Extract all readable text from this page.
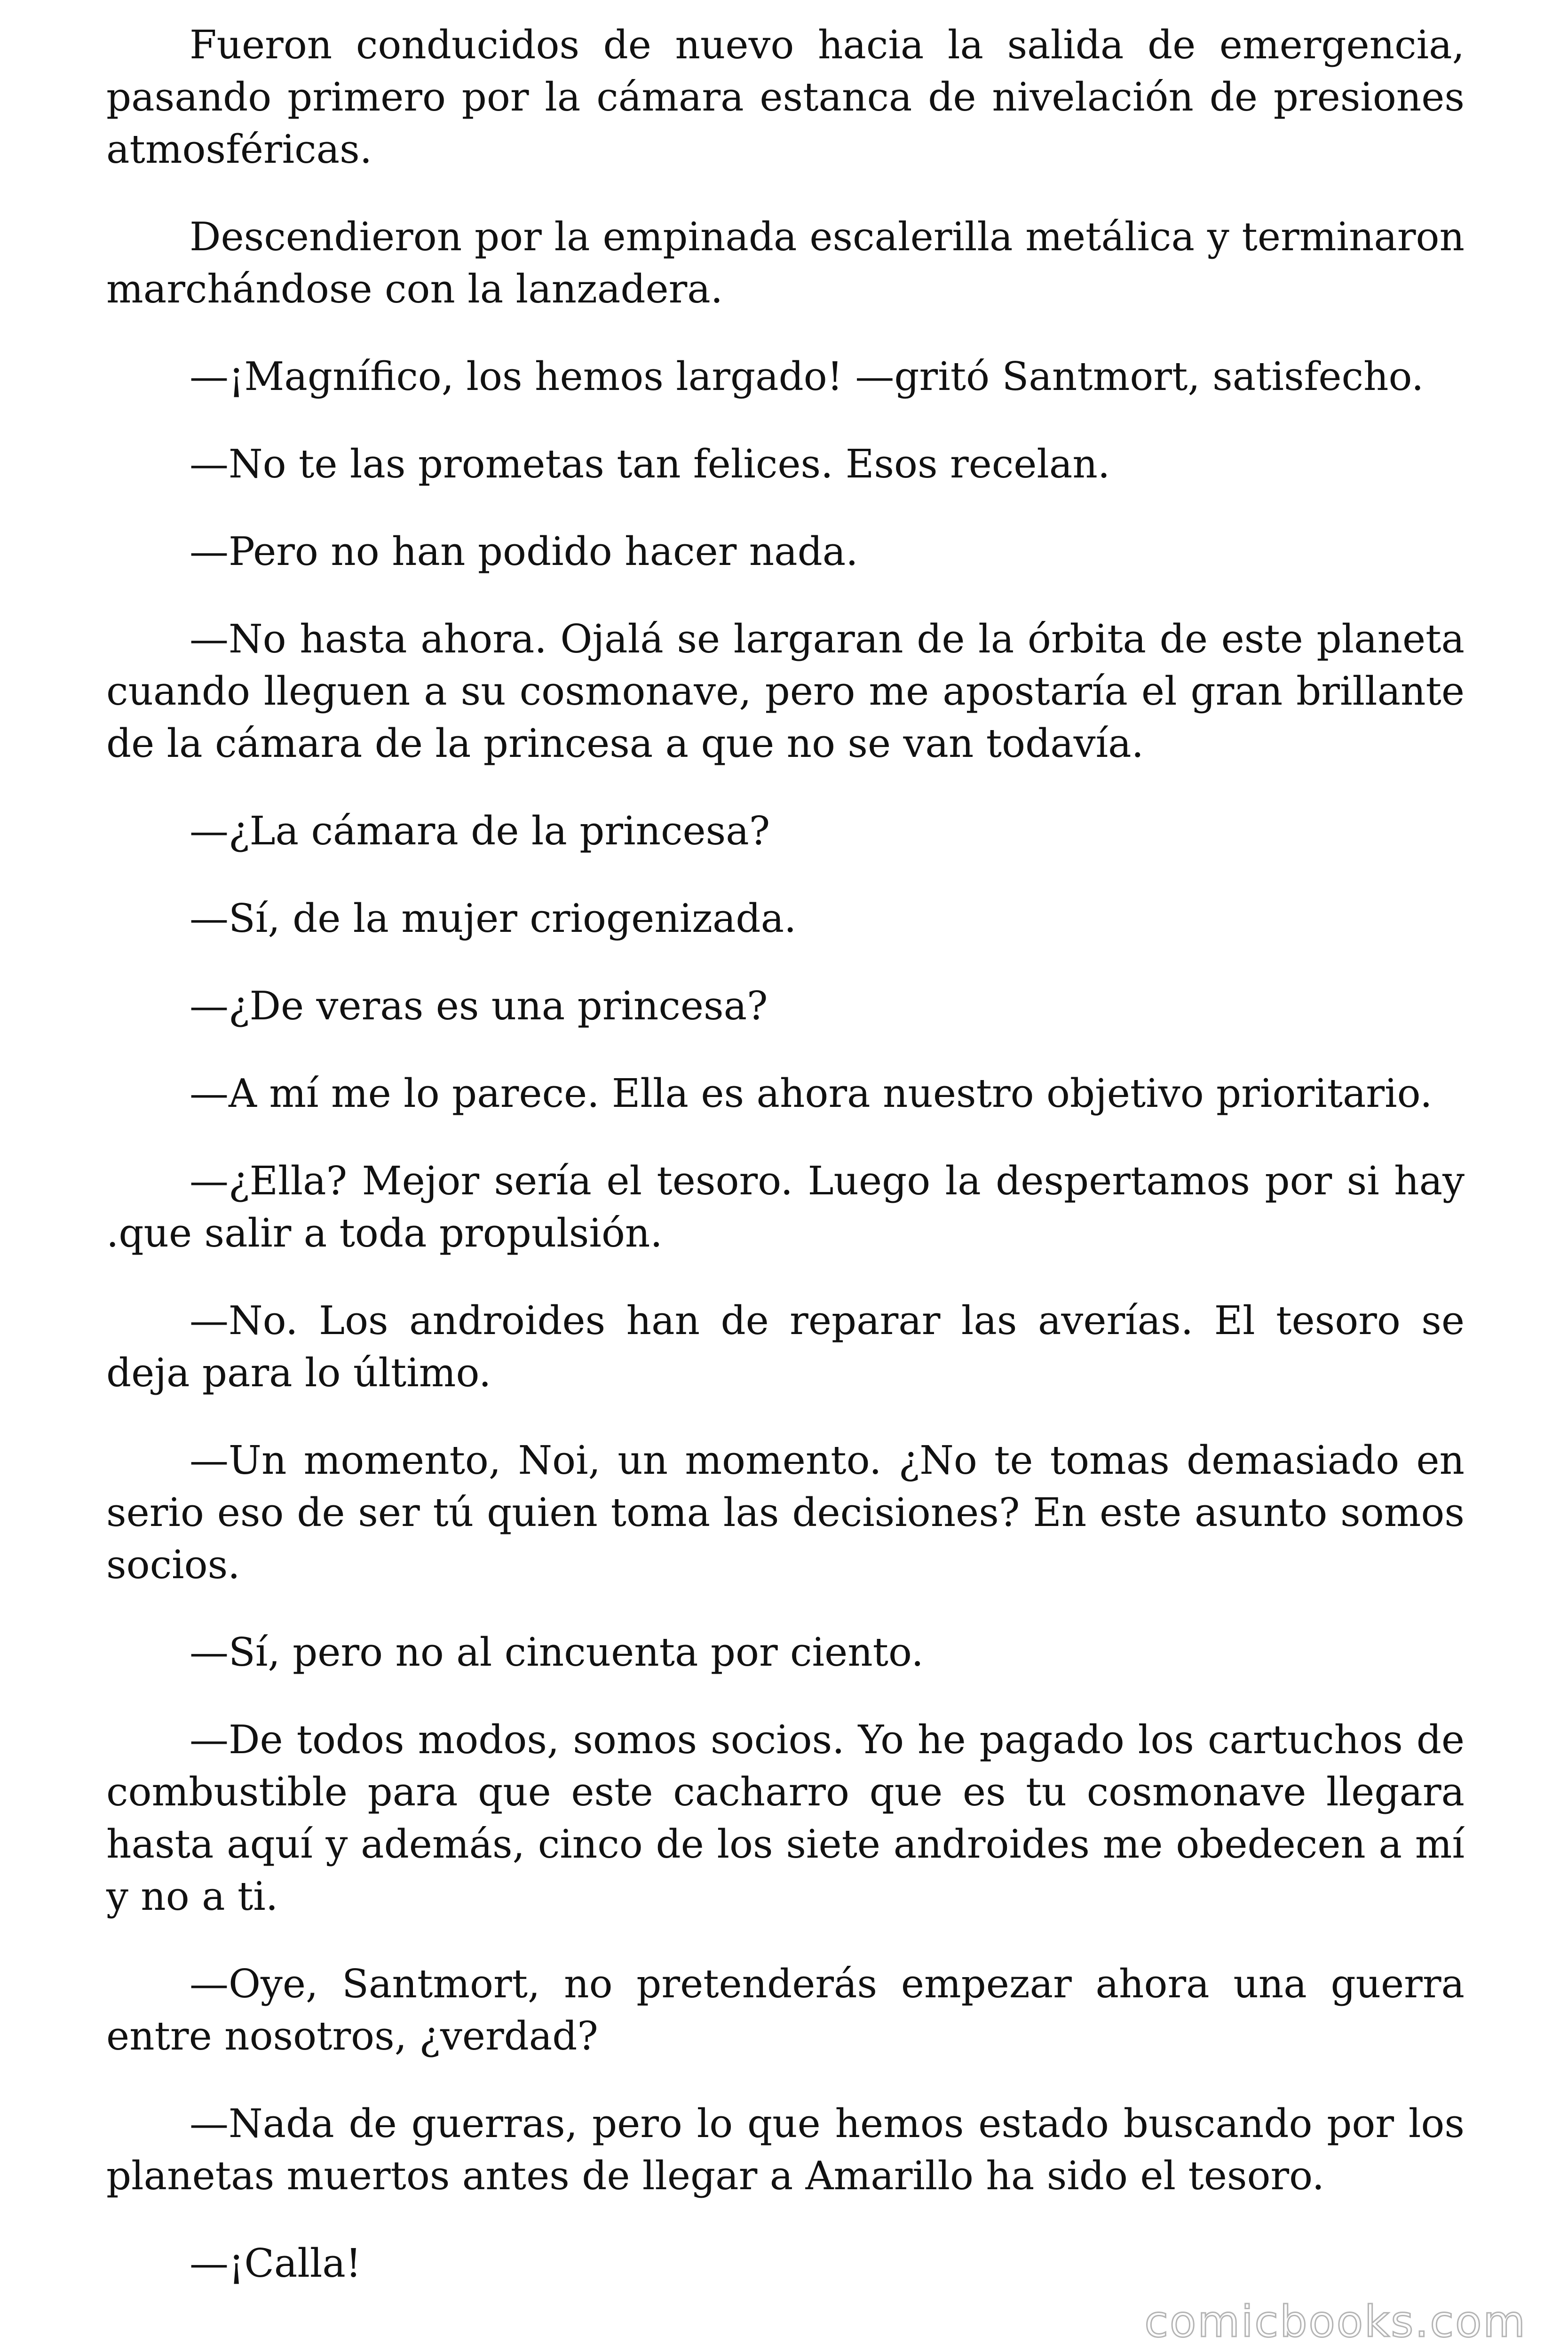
Fueron conducidos de nuevo hacia la salida de emergencia, pasando primero por la cámara estanca de nivelación de presiones atmosféricas.

Descendieron por la empinada escalerilla metálica y terminaron marchándose con la lanzadera.

—¡Magnífico, los hemos largado! —gritó Santmort, satisfecho.

—No te las prometas tan felices. Esos recelan.

—Pero no han podido hacer nada.

—No hasta ahora. Ojalá se largaran de la órbita de este planeta cuando lleguen a su cosmonave, pero me apostaría el gran brillante de la cámara de la princesa a que no se van todavía.

—¿La cámara de la princesa?

—Sí, de la mujer criogenizada.

—¿De veras es una princesa?

—A mí me lo parece. Ella es ahora nuestro objetivo prioritario.

—¿Ella? Mejor sería el tesoro. Luego la despertamos por si hay .que salir a toda propulsión.

—No. Los androides han de reparar las averías. El tesoro se deja para lo último.

—Un momento, Noi, un momento. ¿No te tomas demasiado en serio eso de ser tú quien toma las decisiones? En este asunto somos socios.

—Sí, pero no al cincuenta por ciento.

—De todos modos, somos socios. Yo he pagado los cartuchos de combustible para que este cacharro que es tu cosmonave llegara hasta aquí y además, cinco de los siete androides me obedecen a mí y no a ti.

—Oye, Santmort, no pretenderás empezar ahora una guerra entre nosotros, ¿verdad?

—Nada de guerras, pero lo que hemos estado buscando por los planetas muertos antes de llegar a Amarillo ha sido el tesoro.

—¡Calla!

comicbooks.com
